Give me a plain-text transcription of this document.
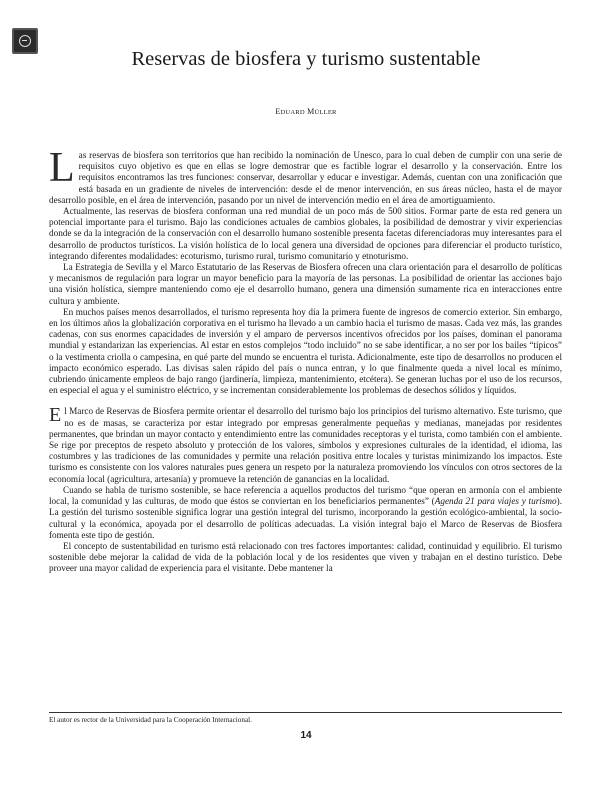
Reservas de biosfera y turismo sustentable
EDUARD MÜLLER

Las reservas de biosfera son territorios que han recibido la nominación de Unesco, para lo cual deben de cumplir con una serie de requisitos cuyo objetivo es que en ellas se logre demostrar que es factible lograr el desarrollo y la conservación. Entre los requisitos encontramos las tres funciones: conservar, desarrollar y educar e investigar. Además, cuentan con una zonificación que está basada en un gradiente de niveles de intervención: desde el de menor intervención, en sus áreas núcleo, hasta el de mayor desarrollo posible, en el área de intervención, pasando por un nivel de intervención medio en el área de amortiguamiento.

Actualmente, las reservas de biosfera conforman una red mundial de un poco más de 500 sitios. Formar parte de esta red genera un potencial importante para el turismo. Bajo las condiciones actuales de cambios globales, la posibilidad de demostrar y vivir experiencias donde se da la integración de la conservación con el desarrollo humano sostenible presenta facetas diferenciadoras muy interesantes para el desarrollo de productos turísticos. La visión holística de lo local genera una diversidad de opciones para diferenciar el producto turístico, integrando diferentes modalidades: ecoturismo, turismo rural, turismo comunitario y etnoturismo.

La Estrategia de Sevilla y el Marco Estatutario de las Reservas de Biosfera ofrecen una clara orientación para el desarrollo de políticas y mecanismos de regulación para lograr un mayor beneficio para la mayoría de las personas. La posibilidad de orientar las acciones bajo una visión holística, siempre manteniendo como eje el desarrollo humano, genera una dimensión sumamente rica en interacciones entre cultura y ambiente.

En muchos países menos desarrollados, el turismo representa hoy día la primera fuente de ingresos de comercio exterior. Sin embargo, en los últimos años la globalización corporativa en el turismo ha llevado a un cambio hacia el turismo de masas. Cada vez más, las grandes cadenas, con sus enormes capacidades de inversión y el amparo de perversos incentivos ofrecidos por los países, dominan el panorama mundial y estandarizan las experiencias. Al estar en estos complejos “todo incluido” no se sabe identificar, a no ser por los bailes “típicos” o la vestimenta criolla o campesina, en qué parte del mundo se encuentra el turista. Adicionalmente, este tipo de desarrollos no producen el impacto económico esperado. Las divisas salen rápido del país o nunca entran, y lo que finalmente queda a nivel local es mínimo, cubriendo únicamente empleos de bajo rango (jardinería, limpieza, mantenimiento, etcétera). Se generan luchas por el uso de los recursos, en especial el agua y el suministro eléctrico, y se incrementan considerablemente los problemas de desechos sólidos y líquidos.

El Marco de Reservas de Biosfera permite orientar el desarrollo del turismo bajo los principios del turismo alternativo. Este turismo, que no es de masas, se caracteriza por estar integrado por empresas generalmente pequeñas y medianas, manejadas por residentes permanentes, que brindan un mayor contacto y entendimiento entre las comunidades receptoras y el turista, como también con el ambiente. Se rige por preceptos de respeto absoluto y protección de los valores, símbolos y expresiones culturales de la identidad, el idioma, las costumbres y las tradiciones de las comunidades y permite una relación positiva entre locales y turistas minimizando los impactos. Este turismo es consistente con los valores naturales pues genera un respeto por la naturaleza promoviendo los vínculos con otros sectores de la economía local (agricultura, artesanía) y promueve la retención de ganancias en la localidad.

Cuando se habla de turismo sostenible, se hace referencia a aquellos productos del turismo “que operan en armonía con el ambiente local, la comunidad y las culturas, de modo que éstos se conviertan en los beneficiarios permanentes” (Agenda 21 para viajes y turismo). La gestión del turismo sostenible significa lograr una gestión integral del turismo, incorporando la gestión ecológico-ambiental, la socio-cultural y la económica, apoyada por el desarrollo de políticas adecuadas. La visión integral bajo el Marco de Reservas de Biosfera fomenta este tipo de gestión.

El concepto de sustentabilidad en turismo está relacionado con tres factores importantes: calidad, continuidad y equilibrio. El turismo sostenible debe mejorar la calidad de vida de la población local y de los residentes que viven y trabajan en el destino turístico. Debe proveer una mayor calidad de experiencia para el visitante. Debe mantener la

El autor es rector de la Universidad para la Cooperación Internacional.
14
